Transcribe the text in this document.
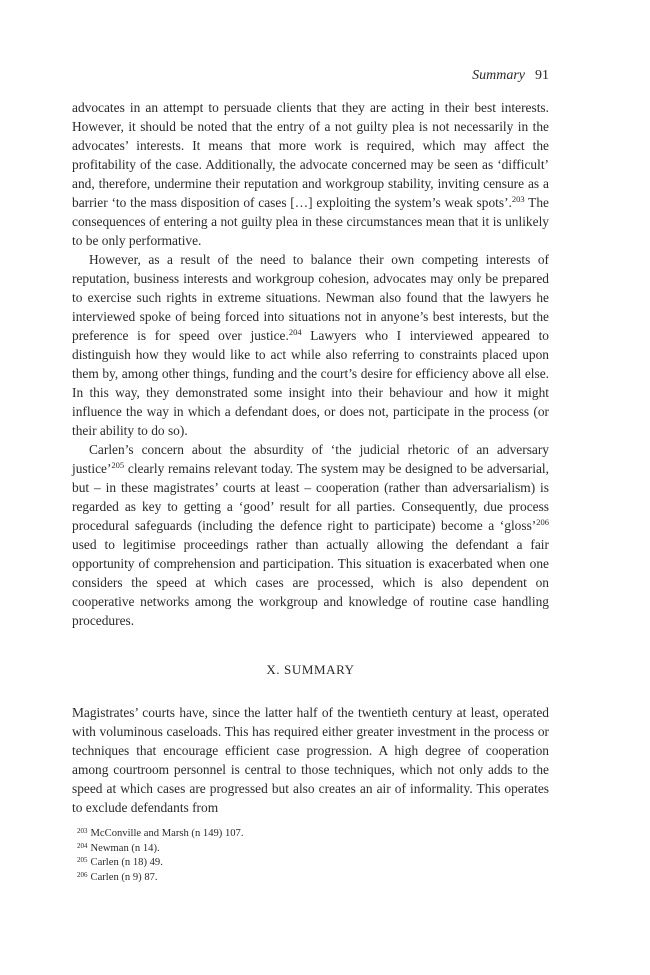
Summary 91

advocates in an attempt to persuade clients that they are acting in their best interests. However, it should be noted that the entry of a not guilty plea is not necessarily in the advocates’ interests. It means that more work is required, which may affect the profitability of the case. Additionally, the advocate concerned may be seen as ‘difficult’ and, therefore, undermine their reputation and workgroup stability, inviting censure as a barrier ‘to the mass disposition of cases […] exploiting the system’s weak spots’.$^{203}$ The consequences of entering a not guilty plea in these circumstances mean that it is unlikely to be only performative.

However, as a result of the need to balance their own competing interests of reputation, business interests and workgroup cohesion, advocates may only be prepared to exercise such rights in extreme situations. Newman also found that the lawyers he interviewed spoke of being forced into situations not in anyone’s best interests, but the preference is for speed over justice.$^{204}$ Lawyers who I interviewed appeared to distinguish how they would like to act while also referring to constraints placed upon them by, among other things, funding and the court’s desire for efficiency above all else. In this way, they demonstrated some insight into their behaviour and how it might influence the way in which a defendant does, or does not, participate in the process (or their ability to do so).

Carlen’s concern about the absurdity of ‘the judicial rhetoric of an adversary justice’$^{205}$ clearly remains relevant today. The system may be designed to be adversarial, but – in these magistrates’ courts at least – cooperation (rather than adversarialism) is regarded as key to getting a ‘good’ result for all parties. Consequently, due process procedural safeguards (including the defence right to participate) become a ‘gloss’$^{206}$ used to legitimise proceedings rather than actually allowing the defendant a fair opportunity of comprehension and participation. This situation is exacerbated when one considers the speed at which cases are processed, which is also dependent on cooperative networks among the workgroup and knowledge of routine case handling procedures.

X. SUMMARY

Magistrates’ courts have, since the latter half of the twentieth century at least, operated with voluminous caseloads. This has required either greater investment in the process or techniques that encourage efficient case progression. A high degree of cooperation among courtroom personnel is central to those techniques, which not only adds to the speed at which cases are progressed but also creates an air of informality. This operates to exclude defendants from

$^{203}$ McConville and Marsh (n 149) 107.
$^{204}$ Newman (n 14).
$^{205}$ Carlen (n 18) 49.
$^{206}$ Carlen (n 9) 87.
